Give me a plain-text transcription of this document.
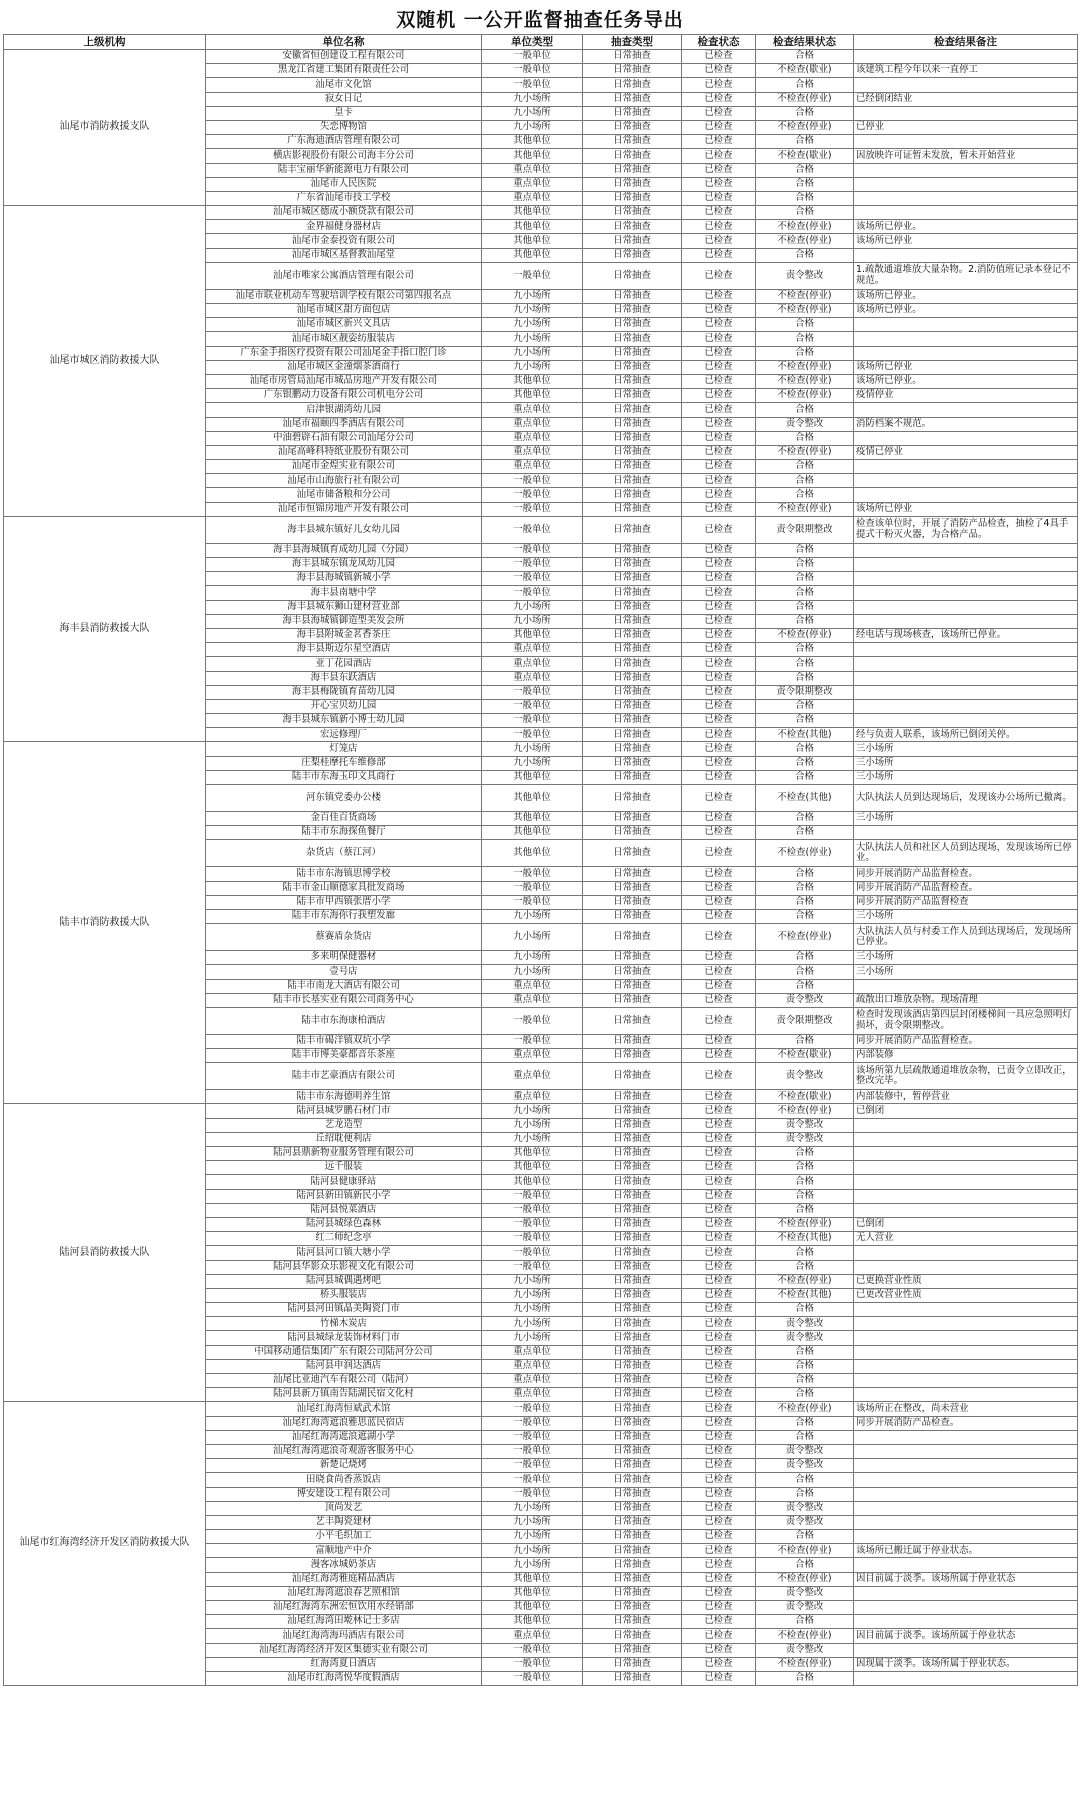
双随机 一公开监督抽查任务导出
上级机构	单位名称	单位类型	抽查类型	检查状态	检查结果状态	检查结果备注
汕尾市消防救援支队	安徽省恒创建设工程有限公司	一般单位	日常抽查	已检查	合格	
	黑龙江省建工集团有限责任公司	一般单位	日常抽查	已检查	不检查(歇业)	该建筑工程今年以来一直停工
	汕尾市文化馆	一般单位	日常抽查	已检查	合格	
	寂女日记	九小场所	日常抽查	已检查	不检查(停业)	已经倒闭结业
	皇卡	九小场所	日常抽查	已检查	合格	
	失恋博物馆	九小场所	日常抽查	已检查	不检查(停业)	已停业
	广东海迪酒店管理有限公司	其他单位	日常抽查	已检查	合格	
	横店影视股份有限公司海丰分公司	其他单位	日常抽查	已检查	不检查(歇业)	因放映许可证暂未发放，暂未开始营业
	陆丰宝丽华新能源电力有限公司	重点单位	日常抽查	已检查	合格	
	汕尾市人民医院	重点单位	日常抽查	已检查	合格	
	广东省汕尾市技工学校	重点单位	日常抽查	已检查	合格	
汕尾市城区消防救援大队	汕尾市城区德成小额贷款有限公司	其他单位	日常抽查	已检查	合格	
	金界福健身器材店	其他单位	日常抽查	已检查	不检查(停业)	该场所已停业。
	汕尾市金泰投资有限公司	其他单位	日常抽查	已检查	不检查(停业)	该场所已停业
	汕尾市城区基督教汕尾堂	其他单位	日常抽查	已检查	合格	
	汕尾市唯家公寓酒店管理有限公司	一般单位	日常抽查	已检查	责令整改	1.疏散通道堆放大量杂物。2.消防值班记录本登记不规范。
	汕尾市联业机动车驾驶培训学校有限公司第四报名点	九小场所	日常抽查	已检查	不检查(停业)	该场所已停业。
	汕尾市城区甜方面包店	九小场所	日常抽查	已检查	不检查(停业)	该场所已停业。
	汕尾市城区新兴文具店	九小场所	日常抽查	已检查	合格	
	汕尾市城区靓姿纺服装店	九小场所	日常抽查	已检查	合格	
	广东金手指医疗投资有限公司汕尾金手指口腔门诊	九小场所	日常抽查	已检查	合格	
	汕尾市城区金潼烟茶酒商行	九小场所	日常抽查	已检查	不检查(停业)	该场所已停业
	汕尾市房管局汕尾市城品房地产开发有限公司	其他单位	日常抽查	已检查	不检查(停业)	该场所已停业。
	广东银鹏动力设备有限公司机电分公司	其他单位	日常抽查	已检查	不检查(停业)	疫情停业
	启津银湖湾幼儿园	重点单位	日常抽查	已检查	合格	
	汕尾市福颐四季酒店有限公司	重点单位	日常抽查	已检查	责令整改	消防档案不规范。
	中油碧辟石油有限公司汕尾分公司	重点单位	日常抽查	已检查	合格	
	汕尾高峰科特纸业股份有限公司	重点单位	日常抽查	已检查	不检查(停业)	疫情已停业
	汕尾市金煌实业有限公司	重点单位	日常抽查	已检查	合格	
	汕尾市山海旅行社有限公司	一般单位	日常抽查	已检查	合格	
	汕尾市储备粮和分公司	一般单位	日常抽查	已检查	合格	
	汕尾市恒锦房地产开发有限公司	一般单位	日常抽查	已检查	不检查(停业)	该场所已停业
海丰县消防救援大队	海丰县城东镇好儿女幼儿园	一般单位	日常抽查	已检查	责令限期整改	检查该单位时，开展了消防产品检查，抽检了4具手提式干粉灭火器，为合格产品。
	海丰县海城镇育成幼儿园（分园）	一般单位	日常抽查	已检查	合格	
	海丰县城东镇龙凤幼儿园	一般单位	日常抽查	已检查	合格	
	海丰县海城镇新城小学	一般单位	日常抽查	已检查	合格	
	海丰县南塘中学	一般单位	日常抽查	已检查	合格	
	海丰县城东狮山建材营业部	九小场所	日常抽查	已检查	合格	
	海丰县海城镇御造型美发会所	九小场所	日常抽查	已检查	合格	
	海丰县附城金茗香茶庄	其他单位	日常抽查	已检查	不检查(停业)	经电话与现场核查，该场所已停业。
	海丰县斯迈尔星空酒店	重点单位	日常抽查	已检查	合格	
	亚丁花园酒店	重点单位	日常抽查	已检查	合格	
	海丰县东跃酒店	重点单位	日常抽查	已检查	合格	
	海丰县梅陇镇育苗幼儿园	一般单位	日常抽查	已检查	责令限期整改	
	开心宝贝幼儿园	一般单位	日常抽查	已检查	合格	
	海丰县城东镇新小博士幼儿园	一般单位	日常抽查	已检查	合格	
	宏远修理厂	一般单位	日常抽查	已检查	不检查(其他)	经与负责人联系，该场所已倒闭关停。
陆丰市消防救援大队	灯笼店	九小场所	日常抽查	已检查	合格	三小场所
	庄梨桂摩托车维修部	九小场所	日常抽查	已检查	合格	三小场所
	陆丰市东海玉印文具商行	其他单位	日常抽查	已检查	合格	三小场所
	河东镇党委办公楼	其他单位	日常抽查	已检查	不检查(其他)	大队执法人员到达现场后，发现该办公场所已撤离。
	金百佳百货商场	其他单位	日常抽查	已检查	合格	三小场所
	陆丰市东海探鱼餐厅	其他单位	日常抽查	已检查	合格	
	杂货店（蔡江河）	其他单位	日常抽查	已检查	不检查(停业)	大队执法人员和社区人员到达现场，发现该场所已停业。
	陆丰市东海镇思博学校	一般单位	日常抽查	已检查	合格	同步开展消防产品监督检查。
	陆丰市金山顺德家具批发商场	一般单位	日常抽查	已检查	合格	同步开展消防产品监督检查。
	陆丰市甲西镇张厝小学	一般单位	日常抽查	已检查	合格	同步开展消防产品监督检查
	陆丰市东海你行我塑发廊	九小场所	日常抽查	已检查	合格	三小场所
	蔡赛盾杂货店	九小场所	日常抽查	已检查	不检查(停业)	大队执法人员与村委工作人员到达现场后，发现场所已停业。
	多来明保健器材	九小场所	日常抽查	已检查	合格	三小场所
	壹号店	九小场所	日常抽查	已检查	合格	三小场所
	陆丰市南龙大酒店有限公司	重点单位	日常抽查	已检查	合格	
	陆丰市长基实业有限公司商务中心	重点单位	日常抽查	已检查	责令整改	疏散出口堆放杂物。现场清理
	陆丰市东海康柏酒店	一般单位	日常抽查	已检查	责令限期整改	检查时发现该酒店第四层封闭楼梯间一具应急照明灯损坏，责令限期整改。
	陆丰市碣洋镇双坑小学	一般单位	日常抽查	已检查	合格	同步开展消防产品监督检查。
	陆丰市博美豪都音乐茶座	重点单位	日常抽查	已检查	不检查(歇业)	内部装修
	陆丰市艺豪酒店有限公司	重点单位	日常抽查	已检查	责令整改	该场所第九层疏散通道堆放杂物，已责令立即改正，整改完毕。
	陆丰市东海德明养生馆	重点单位	日常抽查	已检查	不检查(歇业)	内部装修中，暂停营业
陆河县消防救援大队	陆河县城罗鹏石材门市	九小场所	日常抽查	已检查	不检查(停业)	已倒闭
	艺龙造型	九小场所	日常抽查	已检查	责令整改	
	丘绍耽便利店	九小场所	日常抽查	已检查	责令整改	
	陆河县鼎新物业服务管理有限公司	其他单位	日常抽查	已检查	合格	
	远千服装	其他单位	日常抽查	已检查	合格	
	陆河县健康驿站	其他单位	日常抽查	已检查	合格	
	陆河县新田镇新民小学	一般单位	日常抽查	已检查	合格	
	陆河县悦菜酒店	一般单位	日常抽查	已检查	合格	
	陆河县城绿色森林	一般单位	日常抽查	已检查	不检查(停业)	已倒闭
	红二师纪念亭	一般单位	日常抽查	已检查	不检查(其他)	无人营业
	陆河县河口镇大塘小学	一般单位	日常抽查	已检查	合格	
	陆河县华影众乐影视文化有限公司	一般单位	日常抽查	已检查	合格	
	陆河县城偶遇烤吧	九小场所	日常抽查	已检查	不检查(停业)	已更换营业性质
	桥头服装店	九小场所	日常抽查	已检查	不检查(其他)	已更改营业性质
	陆河县河田镇晶美陶瓷门市	九小场所	日常抽查	已检查	合格	
	竹梯木炭店	九小场所	日常抽查	已检查	责令整改	
	陆河县城绿龙装饰材料门市	九小场所	日常抽查	已检查	责令整改	
	中国移动通信集团广东有限公司陆河分公司	重点单位	日常抽查	已检查	合格	
	陆河县申润达酒店	重点单位	日常抽查	已检查	合格	
	汕尾比亚迪汽车有限公司（陆河）	重点单位	日常抽查	已检查	合格	
	陆河县新万镇南告陆湖民宿文化村	重点单位	日常抽查	已检查	合格	
汕尾市红海湾经济开发区消防救援大队	汕尾红海湾恒斌武术馆	一般单位	日常抽查	已检查	不检查(停业)	该场所正在整改，尚未营业
	汕尾红海湾遮浪雅思蓝民宿店	一般单位	日常抽查	已检查	合格	同步开展消防产品检查。
	汕尾红海湾遮浪遮湖小学	一般单位	日常抽查	已检查	合格	
	汕尾红海湾遮浪奇观游客服务中心	一般单位	日常抽查	已检查	责令整改	
	新楚记烧烤	一般单位	日常抽查	已检查	责令整改	
	田晓食尚香蒸饭店	一般单位	日常抽查	已检查	合格	
	博安建设工程有限公司	一般单位	日常抽查	已检查	合格	
	顶尚发艺	九小场所	日常抽查	已检查	责令整改	
	艺丰陶瓷建材	九小场所	日常抽查	已检查	责令整改	
	小平毛织加工	九小场所	日常抽查	已检查	合格	
	富顺地产中介	九小场所	日常抽查	已检查	不检查(停业)	该场所已搬迁属于停业状态。
	漫客冰城奶茶店	九小场所	日常抽查	已检查	合格	
	汕尾红海湾雅庭精品酒店	其他单位	日常抽查	已检查	不检查(停业)	因目前属于淡季。该场所属于停业状态
	汕尾红海湾遮浪春艺照相馆	其他单位	日常抽查	已检查	责令整改	
	汕尾红海湾东洲宏恒饮用水经销部	其他单位	日常抽查	已检查	责令整改	
	汕尾红海湾田墘林记士多店	其他单位	日常抽查	已检查	合格	
	汕尾红海湾海玛酒店有限公司	重点单位	日常抽查	已检查	不检查(停业)	因目前属于淡季。该场所属于停业状态
	汕尾红海湾经济开发区集德实业有限公司	一般单位	日常抽查	已检查	责令整改	
	红海湾夏日酒店	一般单位	日常抽查	已检查	不检查(停业)	因现属于淡季。该场所属于停业状态。
	汕尾市红海湾悦华度假酒店	一般单位	日常抽查	已检查	合格	
